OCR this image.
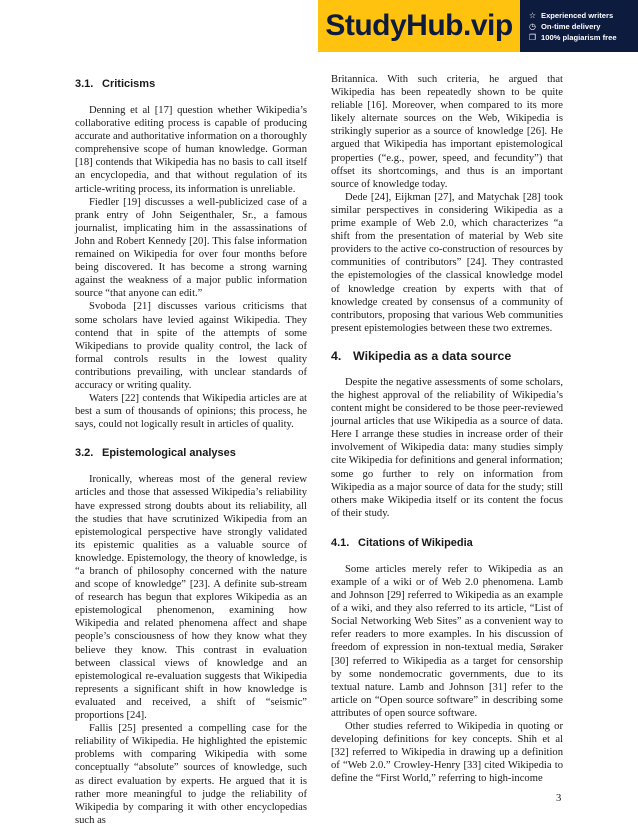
StudyHub.vip	☆ Experienced writers
◷ On-time delivery
❐ 100% plagiarism free
3.1. Criticisms

Denning et al [17] question whether Wikipedia’s collaborative editing process is capable of producing accurate and authoritative information on a thoroughly comprehensive scope of human knowledge. Gorman [18] contends that Wikipedia has no basis to call itself an encyclopedia, and that without regulation of its article-writing process, its information is unreliable.

Fiedler [19] discusses a well-publicized case of a prank entry of John Seigenthaler, Sr., a famous journalist, implicating him in the assassinations of John and Robert Kennedy [20]. This false information remained on Wikipedia for over four months before being discovered. It has become a strong warning against the weakness of a major public information source “that anyone can edit.”

Svoboda [21] discusses various criticisms that some scholars have levied against Wikipedia. They contend that in spite of the attempts of some Wikipedians to provide quality control, the lack of formal controls results in the lowest quality contributions prevailing, with unclear standards of accuracy or writing quality.

Waters [22] contends that Wikipedia articles are at best a sum of thousands of opinions; this process, he says, could not logically result in articles of quality.

3.2. Epistemological analyses

Ironically, whereas most of the general review articles and those that assessed Wikipedia’s reliability have expressed strong doubts about its reliability, all the studies that have scrutinized Wikipedia from an epistemological perspective have strongly validated its epistemic qualities as a valuable source of knowledge. Epistemology, the theory of knowledge, is “a branch of philosophy concerned with the nature and scope of knowledge” [23]. A definite sub-stream of research has begun that explores Wikipedia as an epistemological phenomenon, examining how Wikipedia and related phenomena affect and shape people’s consciousness of how they know what they believe they know. This contrast in evaluation between classical views of knowledge and an epistemological re-evaluation suggests that Wikipedia represents a significant shift in how knowledge is evaluated and received, a shift of “seismic” proportions [24].

Fallis [25] presented a compelling case for the reliability of Wikipedia. He highlighted the epistemic problems with comparing Wikipedia with some conceptually “absolute” sources of knowledge, such as direct evaluation by experts. He argued that it is rather more meaningful to judge the reliability of Wikipedia by comparing it with other encyclopedias such as

Britannica. With such criteria, he argued that Wikipedia has been repeatedly shown to be quite reliable [16]. Moreover, when compared to its more likely alternate sources on the Web, Wikipedia is strikingly superior as a source of knowledge [26]. He argued that Wikipedia has important epistemological properties (“e.g., power, speed, and fecundity”) that offset its shortcomings, and thus is an important source of knowledge today.

Dede [24], Eijkman [27], and Matychak [28] took similar perspectives in considering Wikipedia as a prime example of Web 2.0, which characterizes “a shift from the presentation of material by Web site providers to the active co-construction of resources by communities of contributors” [24]. They contrasted the epistemologies of the classical knowledge model of knowledge creation by experts with that of knowledge created by consensus of a community of contributors, proposing that various Web communities present epistemologies between these two extremes.

4. Wikipedia as a data source

Despite the negative assessments of some scholars, the highest approval of the reliability of Wikipedia’s content might be considered to be those peer-reviewed journal articles that use Wikipedia as a source of data. Here I arrange these studies in increase order of their involvement of Wikipedia data: many studies simply cite Wikipedia for definitions and general information; some go further to rely on information from Wikipedia as a major source of data for the study; still others make Wikipedia itself or its content the focus of their study.

4.1. Citations of Wikipedia

Some articles merely refer to Wikipedia as an example of a wiki or of Web 2.0 phenomena. Lamb and Johnson [29] referred to Wikipedia as an example of a wiki, and they also referred to its article, “List of Social Networking Web Sites” as a convenient way to refer readers to more examples. In his discussion of freedom of expression in non-textual media, Søraker [30] referred to Wikipedia as a target for censorship by some nondemocratic governments, due to its textual nature. Lamb and Johnson [31] refer to the article on “Open source software” in describing some attributes of open source software.

Other studies referred to Wikipedia in quoting or developing definitions for key concepts. Shih et al [32] referred to Wikipedia in drawing up a definition of “Web 2.0.” Crowley-Henry [33] cited Wikipedia to define the “First World,” referring to high-income

3
